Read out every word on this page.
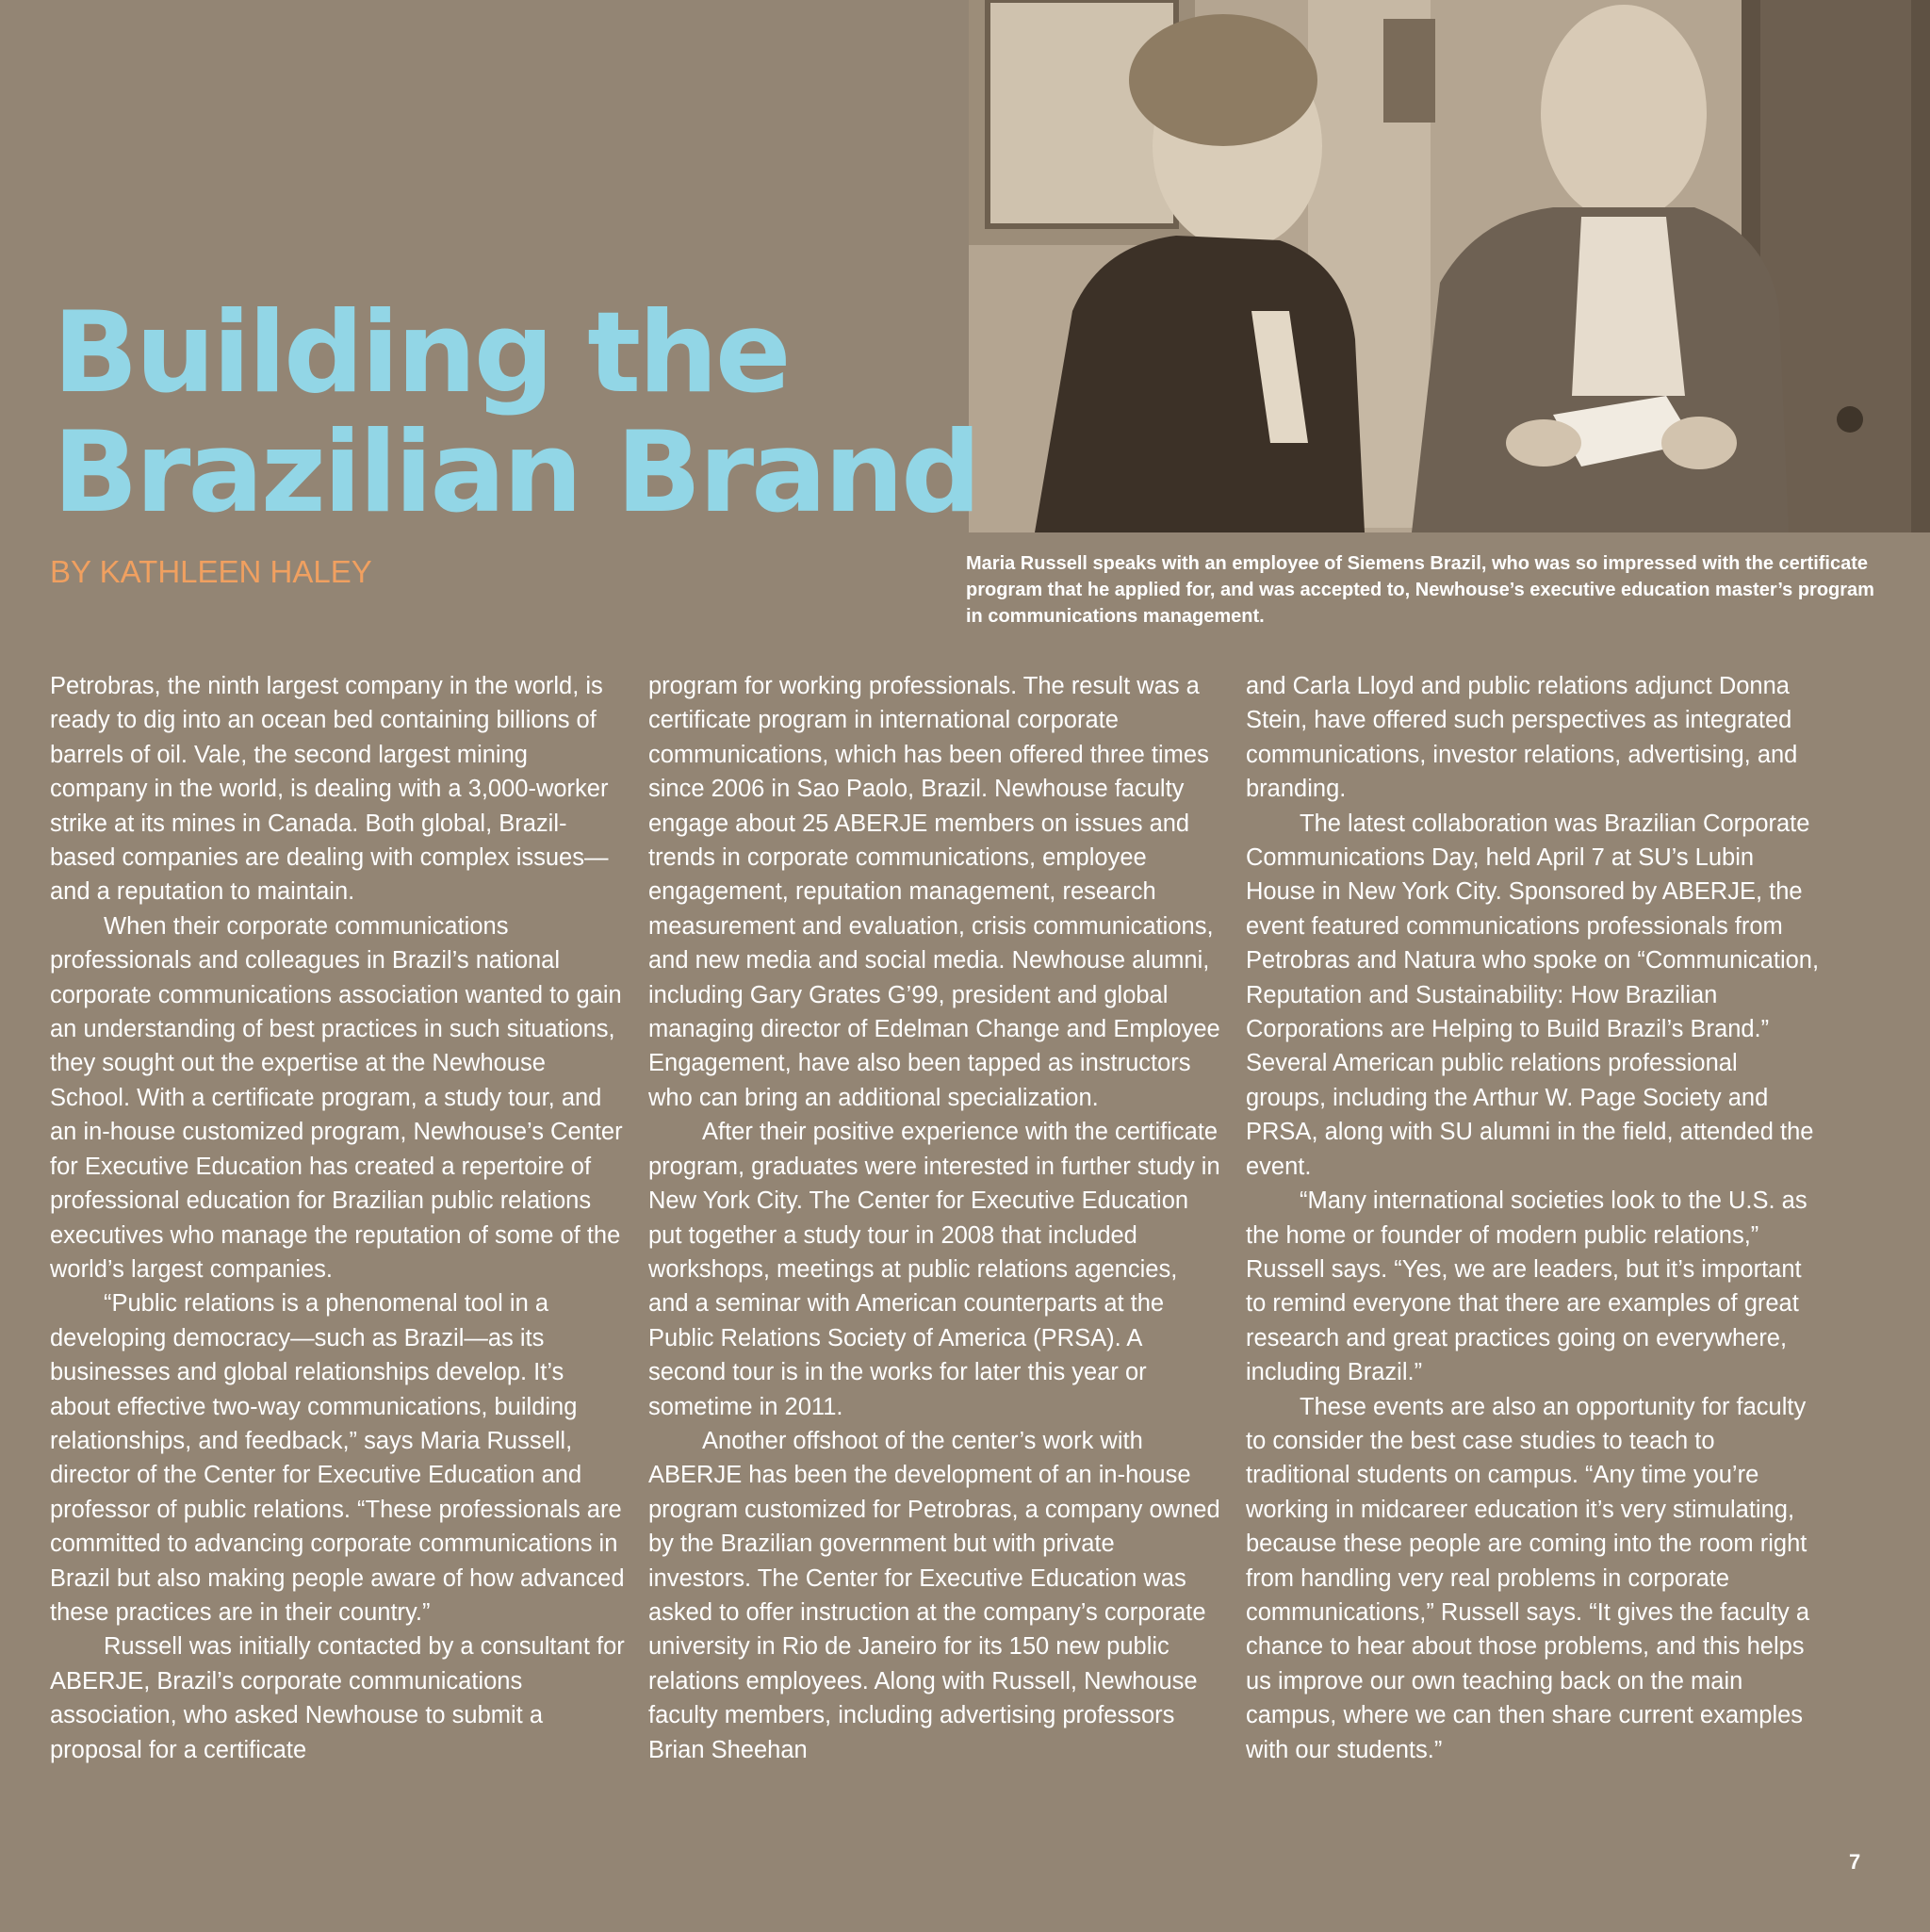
Building the
Brazilian Brand
BY KATHLEEN HALEY	Maria Russell speaks with an employee of Siemens Brazil, who was so impressed with the certificate program that he applied for, and was accepted to, Newhouse’s executive education master’s program in communications management.

Petrobras, the ninth largest company in the world, is ready to dig into an ocean bed containing billions of barrels of oil. Vale, the second largest mining company in the world, is dealing with a 3,000-worker strike at its mines in Canada. Both global, Brazil-based companies are dealing with complex issues—and a reputation to maintain.

When their corporate communications professionals and colleagues in Brazil’s national corporate communications association wanted to gain an understanding of best practices in such situations, they sought out the expertise at the Newhouse School. With a certificate program, a study tour, and an in-house customized program, Newhouse’s Center for Executive Education has created a repertoire of professional education for Brazilian public relations executives who manage the reputation of some of the world’s largest companies.

“Public relations is a phenomenal tool in a developing democracy—such as Brazil—as its businesses and global relationships develop. It’s about effective two-way communications, building relationships, and feedback,” says Maria Russell, director of the Center for Executive Education and professor of public relations. “These professionals are committed to advancing corporate communications in Brazil but also making people aware of how advanced these practices are in their country.”

Russell was initially contacted by a consultant for ABERJE, Brazil’s corporate communications association, who asked Newhouse to submit a proposal for a certificate

program for working professionals. The result was a certificate program in international corporate communications, which has been offered three times since 2006 in Sao Paolo, Brazil. Newhouse faculty engage about 25 ABERJE members on issues and trends in corporate communications, employee engagement, reputation management, research measurement and evaluation, crisis communications, and new media and social media. Newhouse alumni, including Gary Grates G’99, president and global managing director of Edelman Change and Employee Engagement, have also been tapped as instructors who can bring an additional specialization.

After their positive experience with the certificate program, graduates were interested in further study in New York City. The Center for Executive Education put together a study tour in 2008 that included workshops, meetings at public relations agencies, and a seminar with American counterparts at the Public Relations Society of America (PRSA). A second tour is in the works for later this year or sometime in 2011.

Another offshoot of the center’s work with ABERJE has been the development of an in-house program customized for Petrobras, a company owned by the Brazilian government but with private investors. The Center for Executive Education was asked to offer instruction at the company’s corporate university in Rio de Janeiro for its 150 new public relations employees. Along with Russell, Newhouse faculty members, including advertising professors Brian Sheehan

and Carla Lloyd and public relations adjunct Donna Stein, have offered such perspectives as integrated communications, investor relations, advertising, and branding.

The latest collaboration was Brazilian Corporate Communications Day, held April 7 at SU’s Lubin House in New York City. Sponsored by ABERJE, the event featured communications professionals from Petrobras and Natura who spoke on “Communication, Reputation and Sustainability: How Brazilian Corporations are Helping to Build Brazil’s Brand.” Several American public relations professional groups, including the Arthur W. Page Society and PRSA, along with SU alumni in the field, attended the event.

“Many international societies look to the U.S. as the home or founder of modern public relations,” Russell says. “Yes, we are leaders, but it’s important to remind everyone that there are examples of great research and great practices going on everywhere, including Brazil.”

These events are also an opportunity for faculty to consider the best case studies to teach to traditional students on campus. “Any time you’re working in midcareer education it’s very stimulating, because these people are coming into the room right from handling very real problems in corporate communications,” Russell says. “It gives the faculty a chance to hear about those problems, and this helps us improve our own teaching back on the main campus, where we can then share current examples with our students.”

7
